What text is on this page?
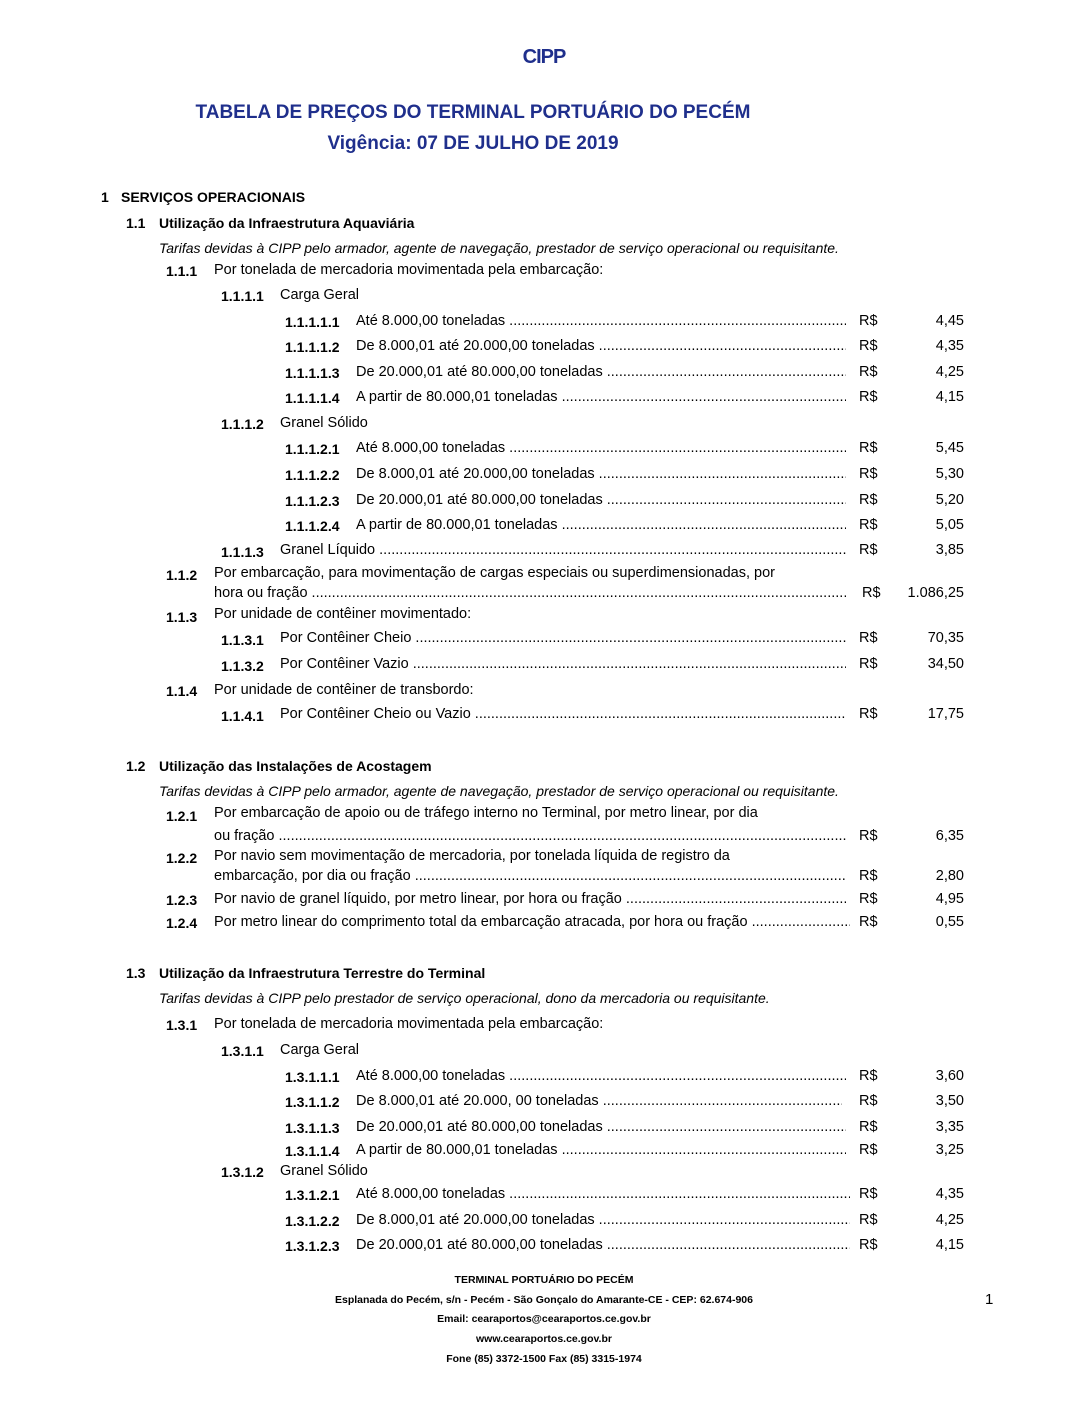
CIPP
TABELA DE PREÇOS DO TERMINAL PORTUÁRIO DO PECÉM
Vigência: 07 DE JULHO DE 2019
1 SERVIÇOS OPERACIONAIS
1.1 Utilização da Infraestrutura Aquaviária
Tarifas devidas à CIPP pelo armador, agente de navegação, prestador de serviço operacional ou requisitante.
1.1.1 Por tonelada de mercadoria movimentada pela embarcação:
1.1.1.1 Carga Geral
1.1.1.1.1 Até 8.000,00 toneladas .....	R$	4,45
1.1.1.1.2 De 8.000,01 até 20.000,00 toneladas .....	R$	4,35
1.1.1.1.3 De 20.000,01 até 80.000,00 toneladas .....	R$	4,25
1.1.1.1.4 A partir de 80.000,01 toneladas .....	R$	4,15
1.1.1.2 Granel Sólido
1.1.1.2.1 Até 8.000,00 toneladas .....	R$	5,45
1.1.1.2.2 De 8.000,01 até 20.000,00 toneladas .....	R$	5,30
1.1.1.2.3 De 20.000,01 até 80.000,00 toneladas .....	R$	5,20
1.1.1.2.4 A partir de 80.000,01 toneladas .....	R$	5,05
1.1.1.3 Granel Líquido .....	R$	3,85
1.1.2 Por embarcação, para movimentação de cargas especiais ou superdimensionadas, por
hora ou fração .....	R$	1.086,25
1.1.3 Por unidade de contêiner movimentado:
1.1.3.1 Por Contêiner Cheio .....	R$	70,35
1.1.3.2 Por Contêiner Vazio .....	R$	34,50
1.1.4 Por unidade de contêiner de transbordo:
1.1.4.1 Por Contêiner Cheio ou Vazio .....	R$	17,75
1.2 Utilização das Instalações de Acostagem
Tarifas devidas à CIPP pelo armador, agente de navegação, prestador de serviço operacional ou requisitante.
1.2.1 Por embarcação de apoio ou de tráfego interno no Terminal, por metro linear, por dia
ou fração .....	R$	6,35
1.2.2 Por navio sem movimentação de mercadoria, por tonelada líquida de registro da
embarcação, por dia ou fração .....	R$	2,80
1.2.3 Por navio de granel líquido, por metro linear, por hora ou fração .....	R$	4,95
1.2.4 Por metro linear do comprimento total da embarcação atracada, por hora ou fração .....	R$	0,55
1.3 Utilização da Infraestrutura Terrestre do Terminal
Tarifas devidas à CIPP pelo prestador de serviço operacional, dono da mercadoria ou requisitante.
1.3.1 Por tonelada de mercadoria movimentada pela embarcação:
1.3.1.1 Carga Geral
1.3.1.1.1 Até 8.000,00 toneladas .....	R$	3,60
1.3.1.1.2 De 8.000,01 até 20.000, 00 toneladas .....	R$	3,50
1.3.1.1.3 De 20.000,01 até 80.000,00 toneladas .....	R$	3,35
1.3.1.1.4 A partir de 80.000,01 toneladas .....	R$	3,25
1.3.1.2 Granel Sólido
1.3.1.2.1 Até 8.000,00 toneladas .....	R$	4,35
1.3.1.2.2 De 8.000,01 até 20.000,00 toneladas .....	R$	4,25
1.3.1.2.3 De 20.000,01 até 80.000,00 toneladas .....	R$	4,15
TERMINAL PORTUÁRIO DO PECÉM
Esplanada do Pecém, s/n - Pecém - São Gonçalo do Amarante-CE - CEP: 62.674-906
Email: cearaportos@cearaportos.ce.gov.br
www.cearaportos.ce.gov.br
Fone (85) 3372-1500 Fax (85) 3315-1974
1
